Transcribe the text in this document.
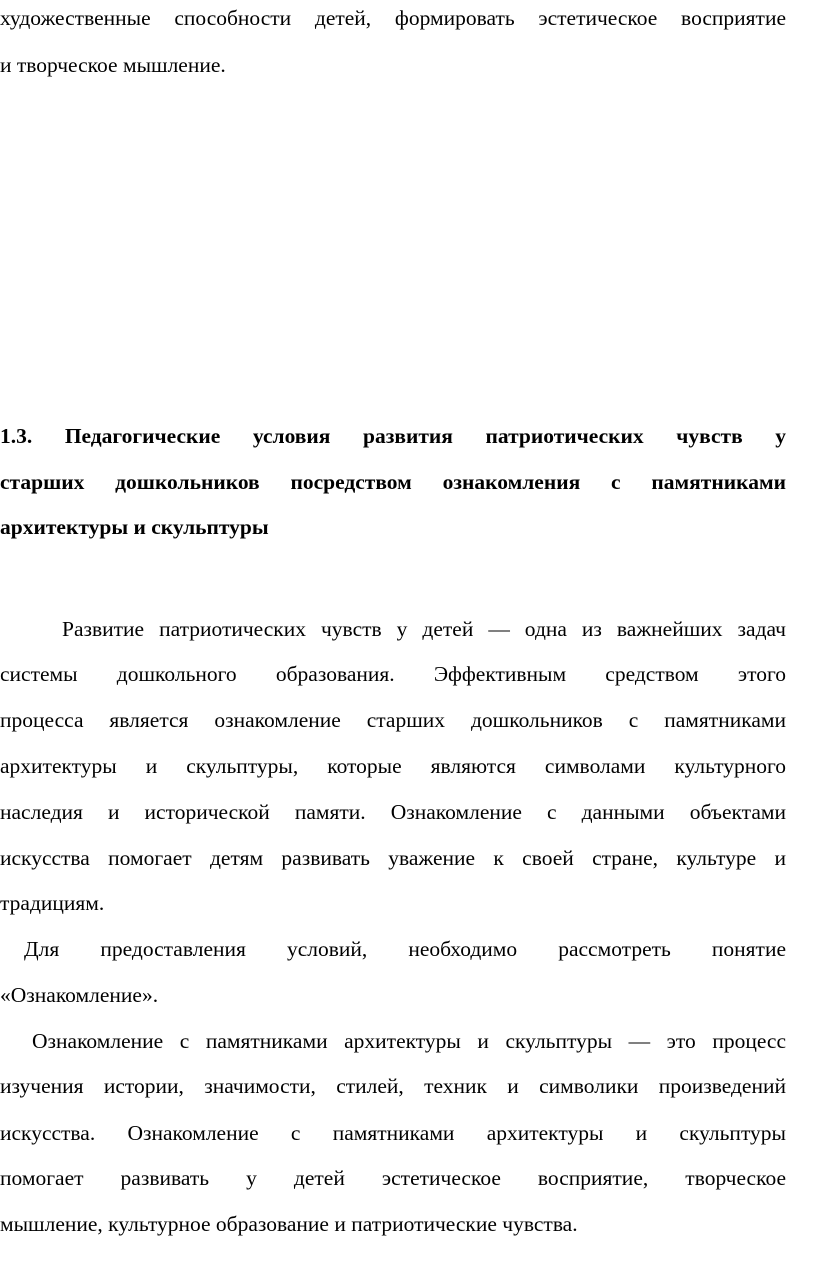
художественные способности детей, формировать эстетическое восприятие
и творческое мышление.
1.3. Педагогические условия развития патриотических чувств у
старших дошкольников посредством ознакомления с памятниками
архитектуры и скульптуры
Развитие патриотических чувств у детей — одна из важнейших задач
системы дошкольного образования. Эффективным средством этого
процесса является ознакомление старших дошкольников с памятниками
архитектуры и скульптуры, которые являются символами культурного
наследия и исторической памяти. Ознакомление с данными объектами
искусства помогает детям развивать уважение к своей стране, культуре и
традициям.
Для предоставления условий, необходимо рассмотреть понятие
«Ознакомление».
Ознакомление с памятниками архитектуры и скульптуры — это процесс
изучения истории, значимости, стилей, техник и символики произведений
искусства. Ознакомление с памятниками архитектуры и скульптуры
помогает развивать у детей эстетическое восприятие, творческое
мышление, культурное образование и патриотические чувства.
